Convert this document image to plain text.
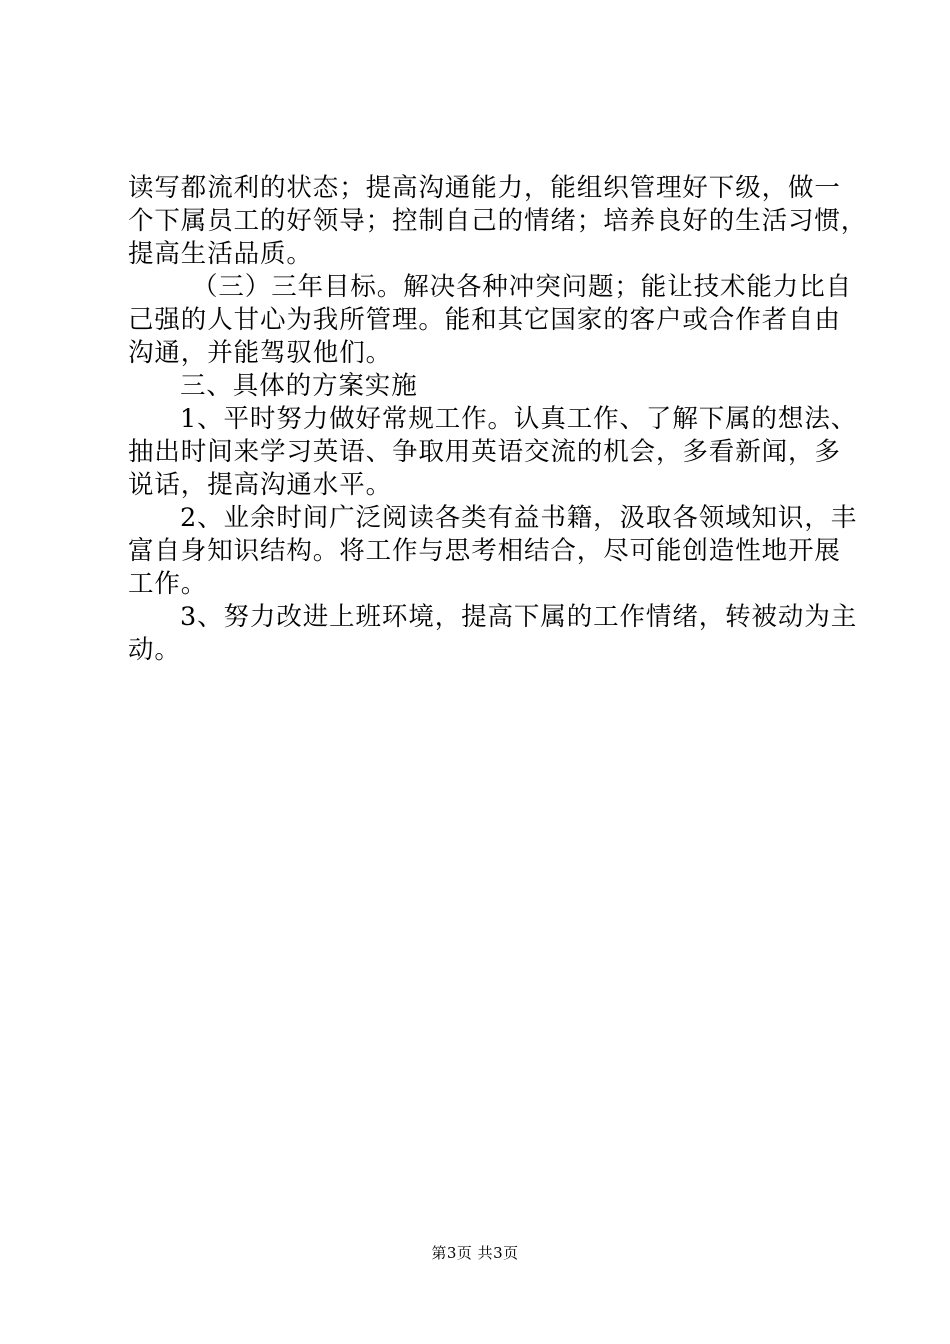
读写都流利的状态；提高沟通能力，能组织管理好下级，做一
个下属员工的好领导；控制自己的情绪；培养良好的生活习惯，
提高生活品质。
（三）三年目标。解决各种冲突问题；能让技术能力比自
己强的人甘心为我所管理。能和其它国家的客户或合作者自由
沟通，并能驾驭他们。
三、具体的方案实施
1、平时努力做好常规工作。认真工作、了解下属的想法、
抽出时间来学习英语、争取用英语交流的机会，多看新闻，多
说话，提高沟通水平。
2、业余时间广泛阅读各类有益书籍，汲取各领域知识，丰
富自身知识结构。将工作与思考相结合，尽可能创造性地开展
工作。
3、努力改进上班环境，提高下属的工作情绪，转被动为主
动。
第3页 共3页
